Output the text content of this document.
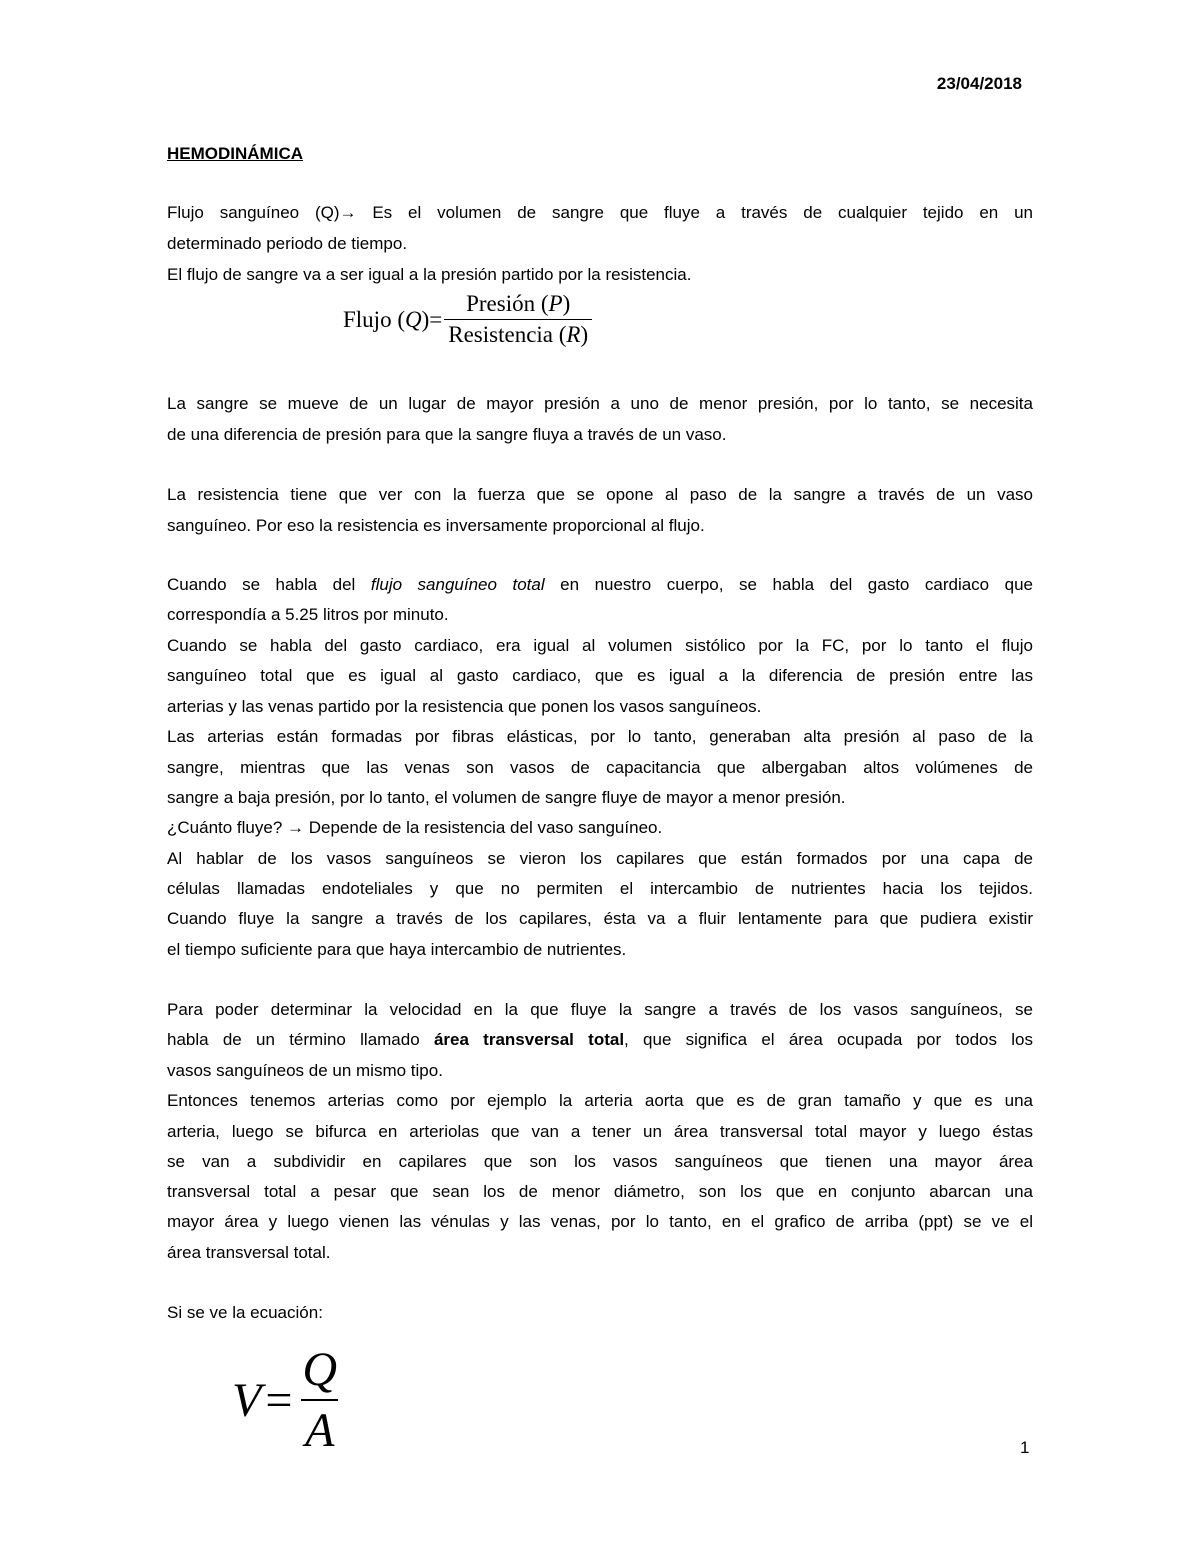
23/04/2018
HEMODINÁMICA
Flujo sanguíneo (Q)→ Es el volumen de sangre que fluye a través de cualquier tejido en un
determinado periodo de tiempo.
El flujo de sangre va a ser igual a la presión partido por la resistencia.
Flujo $(Q)= \frac{\text{Presión (P)}}{\text{Resistencia (R)}}$
La sangre se mueve de un lugar de mayor presión a uno de menor presión, por lo tanto, se necesita
de una diferencia de presión para que la sangre fluya a través de un vaso.
La resistencia tiene que ver con la fuerza que se opone al paso de la sangre a través de un vaso
sanguíneo. Por eso la resistencia es inversamente proporcional al flujo.
Cuando se habla del flujo sanguíneo total en nuestro cuerpo, se habla del gasto cardiaco que
correspondía a 5.25 litros por minuto.
Cuando se habla del gasto cardiaco, era igual al volumen sistólico por la FC, por lo tanto el flujo
sanguíneo total que es igual al gasto cardiaco, que es igual a la diferencia de presión entre las
arterias y las venas partido por la resistencia que ponen los vasos sanguíneos.
Las arterias están formadas por fibras elásticas, por lo tanto, generaban alta presión al paso de la
sangre, mientras que las venas son vasos de capacitancia que albergaban altos volúmenes de
sangre a baja presión, por lo tanto, el volumen de sangre fluye de mayor a menor presión.
¿Cuánto fluye? → Depende de la resistencia del vaso sanguíneo.
Al hablar de los vasos sanguíneos se vieron los capilares que están formados por una capa de
células llamadas endoteliales y que no permiten el intercambio de nutrientes hacia los tejidos.
Cuando fluye la sangre a través de los capilares, ésta va a fluir lentamente para que pudiera existir
el tiempo suficiente para que haya intercambio de nutrientes.
Para poder determinar la velocidad en la que fluye la sangre a través de los vasos sanguíneos, se
habla de un término llamado área transversal total, que significa el área ocupada por todos los
vasos sanguíneos de un mismo tipo.
Entonces tenemos arterias como por ejemplo la arteria aorta que es de gran tamaño y que es una
arteria, luego se bifurca en arteriolas que van a tener un área transversal total mayor y luego éstas
se van a subdividir en capilares que son los vasos sanguíneos que tienen una mayor área
transversal total a pesar que sean los de menor diámetro, son los que en conjunto abarcan una
mayor área y luego vienen las vénulas y las venas, por lo tanto, en el grafico de arriba (ppt) se ve el
área transversal total.
Si se ve la ecuación:
$V = \frac{Q}{A}$	1
